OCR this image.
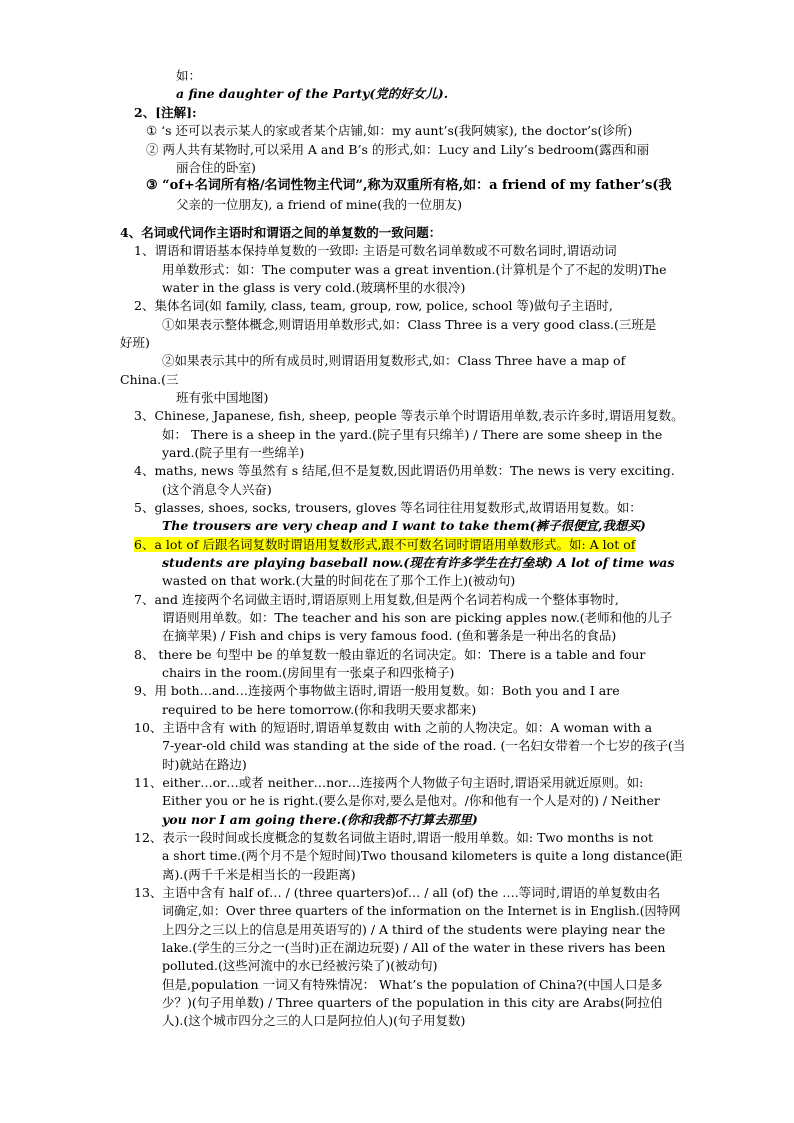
如：
a fine daughter of the Party(党的好女儿).
2、[注解]:
① ‘s 还可以表示某人的家或者某个店铺,如：my aunt’s(我阿姨家), the doctor’s(诊所)
② 两人共有某物时,可以采用 A and B’s 的形式,如：Lucy and Lily’s bedroom(露西和丽
丽合住的卧室)
③ “of+名词所有格/名词性物主代词”,称为双重所有格,如：a friend of my father’s(我
父亲的一位朋友), a friend of mine(我的一位朋友)
4、名词或代词作主语时和谓语之间的单复数的一致问题：
1、谓语和谓语基本保持单复数的一致即: 主语是可数名词单数或不可数名词时,谓语动词
用单数形式：如：The computer was a great invention.(计算机是个了不起的发明)The
water in the glass is very cold.(玻璃杯里的水很冷)
2、集体名词(如 family, class, team, group, row, police, school 等)做句子主语时,
①如果表示整体概念,则谓语用单数形式,如：Class Three is a very good class.(三班是
好班)
②如果表示其中的所有成员时,则谓语用复数形式,如：Class Three have a map of
China.(三
班有张中国地图)
3、Chinese, Japanese, fish, sheep, people 等表示单个时谓语用单数,表示许多时,谓语用复数。
如： There is a sheep in the yard.(院子里有只绵羊) / There are some sheep in the
yard.(院子里有一些绵羊)
4、maths, news 等虽然有 s 结尾,但不是复数,因此谓语仍用单数：The news is very exciting.
(这个消息令人兴奋)
5、glasses, shoes, socks, trousers, gloves 等名词往往用复数形式,故谓语用复数。如：
The trousers are very cheap and I want to take them(裤子很便宜,我想买)
6、a lot of 后跟名词复数时谓语用复数形式,跟不可数名词时谓语用单数形式。如: A lot of
students are playing baseball now.(现在有许多学生在打垒球) A lot of time was
wasted on that work.(大量的时间花在了那个工作上)(被动句)
7、and 连接两个名词做主语时,谓语原则上用复数,但是两个名词若构成一个整体事物时,
谓语则用单数。如：The teacher and his son are picking apples now.(老师和他的儿子
在摘苹果) / Fish and chips is very famous food. (鱼和薯条是一种出名的食品)
8、 there be 句型中 be 的单复数一般由靠近的名词决定。如：There is a table and four
chairs in the room.(房间里有一张桌子和四张椅子)
9、用 both…and…连接两个事物做主语时,谓语一般用复数。如：Both you and I are
required to be here tomorrow.(你和我明天要求都来)
10、主语中含有 with 的短语时,谓语单复数由 with 之前的人物决定。如：A woman with a
7-year-old child was standing at the side of the road. (一名妇女带着一个七岁的孩子(当
时)就站在路边)
11、either…or…或者 neither…nor…连接两个人物做子句主语时,谓语采用就近原则。如:
Either you or he is right.(要么是你对,要么是他对。/你和他有一个人是对的) / Neither
you nor I am going there.(你和我都不打算去那里)
12、表示一段时间或长度概念的复数名词做主语时,谓语一般用单数。如: Two months is not
a short time.(两个月不是个短时间)Two thousand kilometers is quite a long distance(距
离).(两千千米是相当长的一段距离)
13、主语中含有 half of… / (three quarters)of… / all (of) the ….等词时,谓语的单复数由名
词确定,如：Over three quarters of the information on the Internet is in English.(因特网
上四分之三以上的信息是用英语写的) / A third of the students were playing near the
lake.(学生的三分之一(当时)正在湖边玩耍) / All of the water in these rivers has been
polluted.(这些河流中的水已经被污染了)(被动句)
但是,population 一词又有特殊情况： What’s the population of China?(中国人口是多
少？)(句子用单数) / Three quarters of the population in this city are Arabs(阿拉伯
人).(这个城市四分之三的人口是阿拉伯人)(句子用复数)
